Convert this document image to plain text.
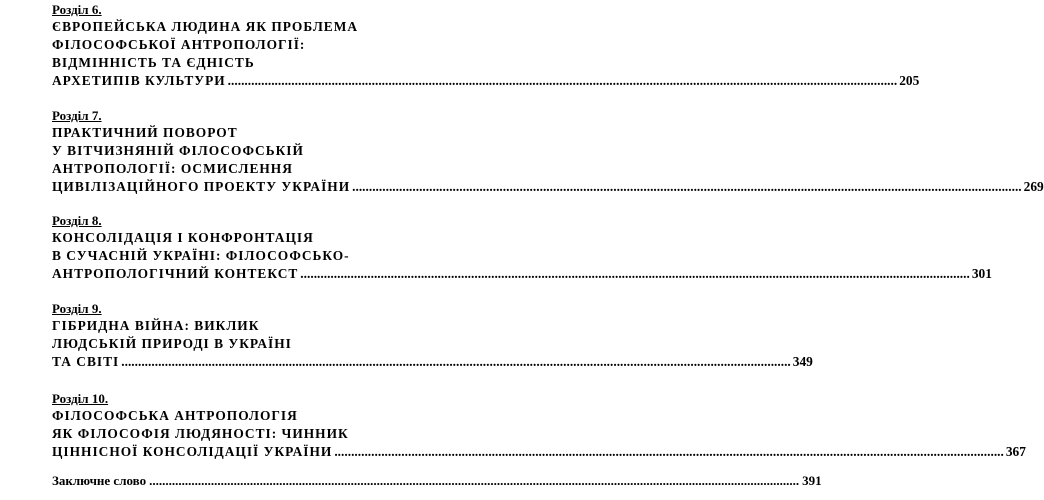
Розділ 6.
ЄВРОПЕЙСЬКА ЛЮДИНА ЯК ПРОБЛЕМА
ФІЛОСОФСЬКОЇ АНТРОПОЛОГІЇ:
ВІДМІННІСТЬ ТА ЄДНІСТЬ
АРХЕТИПІВ КУЛЬТУРИ ........................................................................................................................................................................................................ 205
Розділ 7.
ПРАКТИЧНИЙ ПОВОРОТ
У ВІТЧИЗНЯНІЙ ФІЛОСОФСЬКІЙ
АНТРОПОЛОГІЇ: ОСМИСЛЕННЯ
ЦИВІЛІЗАЦІЙНОГО ПРОЕКТУ УКРАЇНИ ........................................................................................................................................................................................................ 269
Розділ 8.
КОНСОЛІДАЦІЯ І КОНФРОНТАЦІЯ
В СУЧАСНІЙ УКРАЇНІ: ФІЛОСОФСЬКО-
АНТРОПОЛОГІЧНИЙ КОНТЕКСТ ........................................................................................................................................................................................................ 301
Розділ 9.
ГІБРИДНА ВІЙНА: ВИКЛИК
ЛЮДСЬКІЙ ПРИРОДІ В УКРАЇНІ
ТА СВІТІ ........................................................................................................................................................................................................ 349
Розділ 10.
ФІЛОСОФСЬКА АНТРОПОЛОГІЯ
ЯК ФІЛОСОФІЯ ЛЮДЯНОСТІ: ЧИННИК
ЦІННІСНОЇ КОНСОЛІДАЦІЇ УКРАЇНИ ........................................................................................................................................................................................................ 367
Заключне слово ........................................................................................................................................................................................................ 391
